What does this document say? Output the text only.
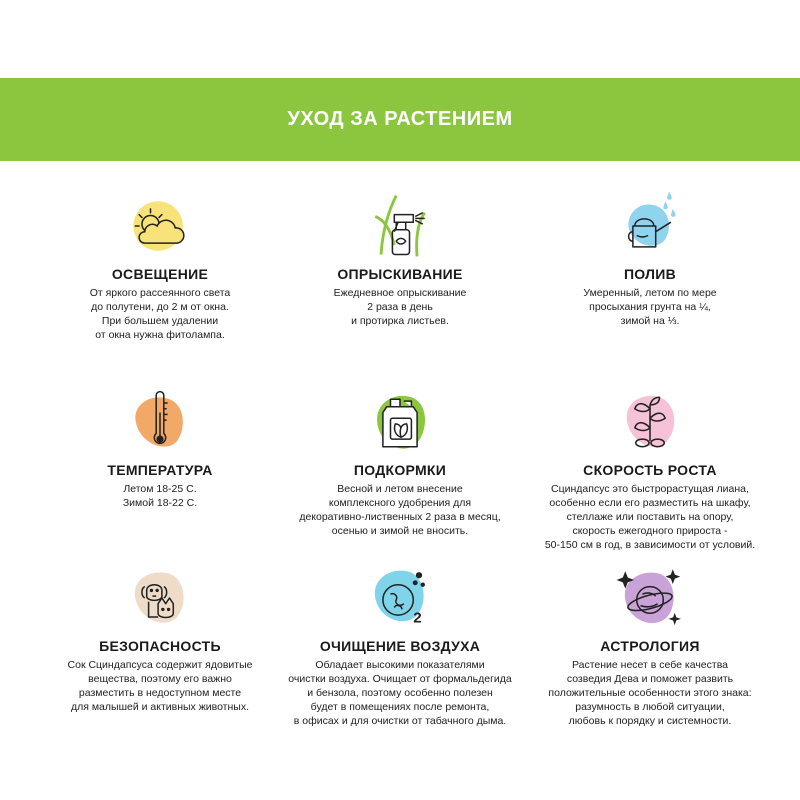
УХОД ЗА РАСТЕНИЕМ
ОСВЕЩЕНИЕ

От яркого рассеянного света
до полутени, до 2 м от окна.
При большем удалении
от окна нужна фитолампа.

ОПРЫСКИВАНИЕ

Ежедневное опрыскивание
2 раза в день
и протирка листьев.

ПОЛИВ

Умеренный, летом по мере
просыхания грунта на ¼,
зимой на ⅓.

ТЕМПЕРАТУРА

Летом 18-25 С.
Зимой 18-22 С.

ПОДКОРМКИ

Весной и летом внесение
комплексного удобрения для
декоративно-лиственных 2 раза в месяц,
осенью и зимой не вносить.

СКОРОСТЬ РОСТА

Сциндапсус это быстрорастущая лиана,
особенно если его разместить на шкафу,
стеллаже или поставить на опору,
скорость ежегодного прироста -
50-150 см в год, в зависимости от условий.

БЕЗОПАСНОСТЬ

Сок Сциндапсуса содержит ядовитые
вещества, поэтому его важно
разместить в недоступном месте
для малышей и активных животных.

2
ОЧИЩЕНИЕ ВОЗДУХА

Обладает высокими показателями
очистки воздуха. Очищает от формальдегида
и бензола, поэтому особенно полезен
будет в помещениях после ремонта,
в офисах и для очистки от табачного дыма.

АСТРОЛОГИЯ

Растение несет в себе качества
созведия Дева и поможет развить
положительные особенности этого знака:
разумность в любой ситуации,
любовь к порядку и системности.
